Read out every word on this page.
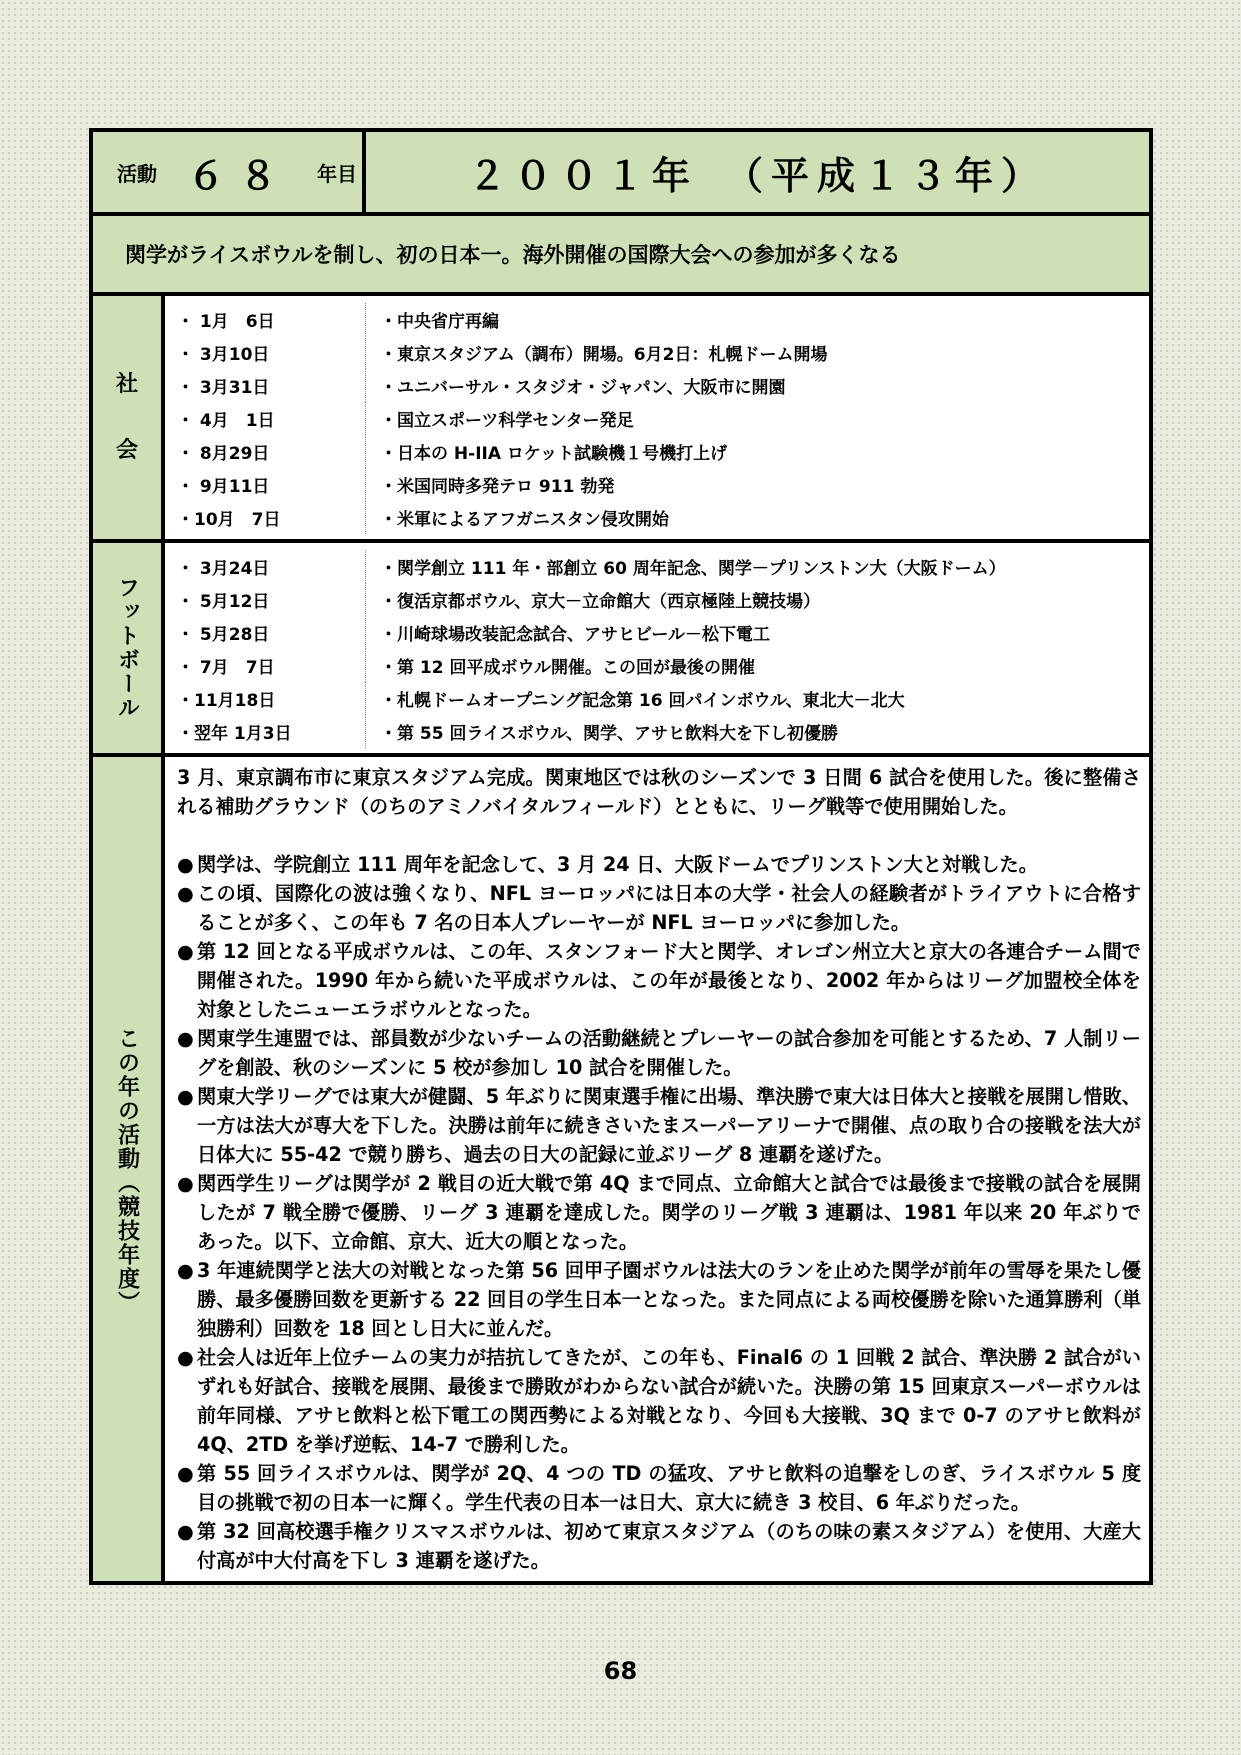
活動 ６８ 年目	２００１年　（平成１３年）
関学がライスボウルを制し、初の日本一。海外開催の国際大会への参加が多くなる
社
会
・ 1月　6日	・中央省庁再編
・ 3月10日	・東京スタジアム（調布）開場。6月2日：札幌ドーム開場
・ 3月31日	・ユニバーサル・スタジオ・ジャパン、大阪市に開園
・ 4月　1日	・国立スポーツ科学センター発足
・ 8月29日	・日本の H-IIA ロケット試験機１号機打上げ
・ 9月11日	・米国同時多発テロ 911 勃発
・10月　7日	・米軍によるアフガニスタン侵攻開始
フットボール
・ 3月24日	・関学創立 111 年・部創立 60 周年記念、関学－プリンストン大（大阪ドーム）
・ 5月12日	・復活京都ボウル、京大－立命館大（西京極陸上競技場）
・ 5月28日	・川崎球場改装記念試合、アサヒビール－松下電工
・ 7月　7日	・第 12 回平成ボウル開催。この回が最後の開催
・11月18日	・札幌ドームオープニング記念第 16 回パインボウル、東北大－北大
・翌年 1月3日	・第 55 回ライスボウル、関学、アサヒ飲料大を下し初優勝
この年の活動（競技年度）

3 月、東京調布市に東京スタジアム完成。関東地区では秋のシーズンで 3 日間 6 試合を使用した。後に整備される補助グラウンド（のちのアミノバイタルフィールド）とともに、リーグ戦等で使用開始した。

● 関学は、学院創立 111 周年を記念して、3 月 24 日、大阪ドームでプリンストン大と対戦した。
● この頃、国際化の波は強くなり、NFL ヨーロッパには日本の大学・社会人の経験者がトライアウトに合格することが多く、この年も 7 名の日本人プレーヤーが NFL ヨーロッパに参加した。
● 第 12 回となる平成ボウルは、この年、スタンフォード大と関学、オレゴン州立大と京大の各連合チーム間で開催された。1990 年から続いた平成ボウルは、この年が最後となり、2002 年からはリーグ加盟校全体を対象としたニューエラボウルとなった。
● 関東学生連盟では、部員数が少ないチームの活動継続とプレーヤーの試合参加を可能とするため、7 人制リーグを創設、秋のシーズンに 5 校が参加し 10 試合を開催した。
● 関東大学リーグでは東大が健闘、5 年ぶりに関東選手権に出場、準決勝で東大は日体大と接戦を展開し惜敗、一方は法大が専大を下した。決勝は前年に続きさいたまスーパーアリーナで開催、点の取り合の接戦を法大が日体大に 55-42 で競り勝ち、過去の日大の記録に並ぶリーグ 8 連覇を遂げた。
● 関西学生リーグは関学が 2 戦目の近大戦で第 4Q まで同点、立命館大と試合では最後まで接戦の試合を展開したが 7 戦全勝で優勝、リーグ 3 連覇を達成した。関学のリーグ戦 3 連覇は、1981 年以来 20 年ぶりであった。以下、立命館、京大、近大の順となった。
● 3 年連続関学と法大の対戦となった第 56 回甲子園ボウルは法大のランを止めた関学が前年の雪辱を果たし優勝、最多優勝回数を更新する 22 回目の学生日本一となった。また同点による両校優勝を除いた通算勝利（単独勝利）回数を 18 回とし日大に並んだ。
● 社会人は近年上位チームの実力が拮抗してきたが、この年も、Final6 の 1 回戦 2 試合、準決勝 2 試合がいずれも好試合、接戦を展開、最後まで勝敗がわからない試合が続いた。決勝の第 15 回東京スーパーボウルは前年同様、アサヒ飲料と松下電工の関西勢による対戦となり、今回も大接戦、3Q まで 0-7 のアサヒ飲料が 4Q、2TD を挙げ逆転、14-7 で勝利した。
● 第 55 回ライスボウルは、関学が 2Q、4 つの TD の猛攻、アサヒ飲料の追撃をしのぎ、ライスボウル 5 度目の挑戦で初の日本一に輝く。学生代表の日本一は日大、京大に続き 3 校目、6 年ぶりだった。
● 第 32 回高校選手権クリスマスボウルは、初めて東京スタジアム（のちの味の素スタジアム）を使用、大産大付高が中大付高を下し 3 連覇を遂げた。
68
